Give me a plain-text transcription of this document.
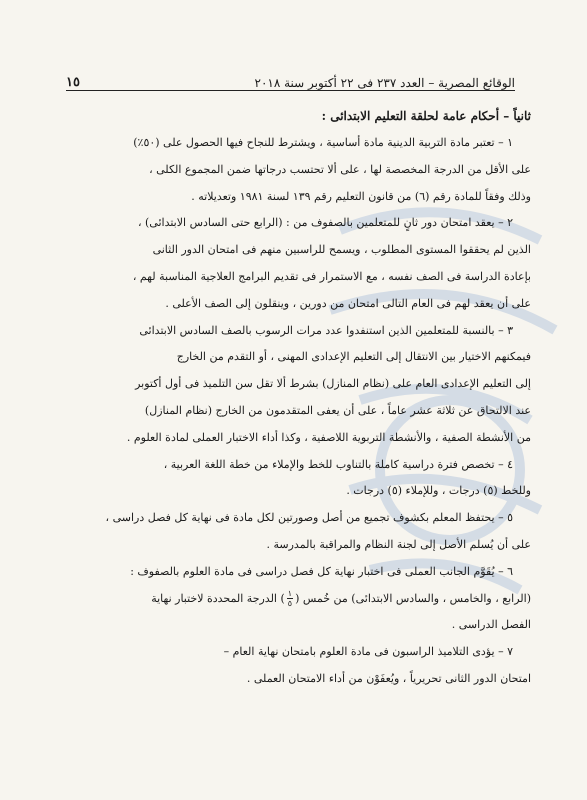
الوقائع المصرية – العدد ٢٣٧ فى ٢٢ أكتوبر سنة ٢٠١٨
١٥

ثانياً – أحكام عامة لحلقة التعليم الابتدائى :

١ – تعتبر مادة التربية الدينية مادة أساسية ، ويشترط للنجاح فيها الحصول على (٥٠٪)

على الأقل من الدرجة المخصصة لها ، على ألا تحتسب درجاتها ضمن المجموع الكلى ،

وذلك وفقاً للمادة رقم (٦) من قانون التعليم رقم ١٣٩ لسنة ١٩٨١ وتعديلاته .

٢ – يعقد امتحان دور ثانٍ للمتعلمين بالصفوف من : (الرابع حتى السادس الابتدائى) ،

الذين لم يحققوا المستوى المطلوب ، ويسمح للراسبين منهم فى امتحان الدور الثانى

بإعادة الدراسة فى الصف نفسه ، مع الاستمرار فى تقديم البرامج العلاجية المناسبة لهم ،

على أن يعقد لهم فى العام التالى امتحان من دورين ، وينقلون إلى الصف الأعلى .

٣ – بالنسبة للمتعلمين الذين استنفدوا عدد مرات الرسوب بالصف السادس الابتدائى

فيمكنهم الاختيار بين الانتقال إلى التعليم الإعدادى المهنى ، أو التقدم من الخارج

إلى التعليم الإعدادى العام على (نظام المنازل) بشرط ألا تقل سن التلميذ فى أول أكتوبر

عند الالتحاق عن ثلاثة عشر عاماً ، على أن يعفى المتقدمون من الخارج (نظام المنازل)

من الأنشطة الصفية ، والأنشطة التربوية اللاصفية ، وكذا أداء الاختبار العملى لمادة العلوم .

٤ – تخصص فترة دراسية كاملة بالتناوب للخط والإملاء من خطة اللغة العربية ،

وللخط (٥) درجات ، وللإملاء (٥) درجات .

٥ – يحتفظ المعلم بكشوف تجميع من أصل وصورتين لكل مادة فى نهاية كل فصل دراسى ،

على أن يُسلم الأصل إلى لجنة النظام والمراقبة بالمدرسة .

٦ – يُقَوَّم الجانب العملى فى اختبار نهاية كل فصل دراسى فى مادة العلوم بالصفوف :

(الرابع ، والخامس ، والسادس الابتدائى) من خُمس (
$\frac{١}{٥}$
) الدرجة المحددة لاختبار نهاية

الفصل الدراسى .

٧ – يؤدى التلاميذ الراسبون فى مادة العلوم بامتحان نهاية العام –

امتحان الدور الثانى تحريرياً ، ويُعفَوْن من أداء الامتحان العملى .
